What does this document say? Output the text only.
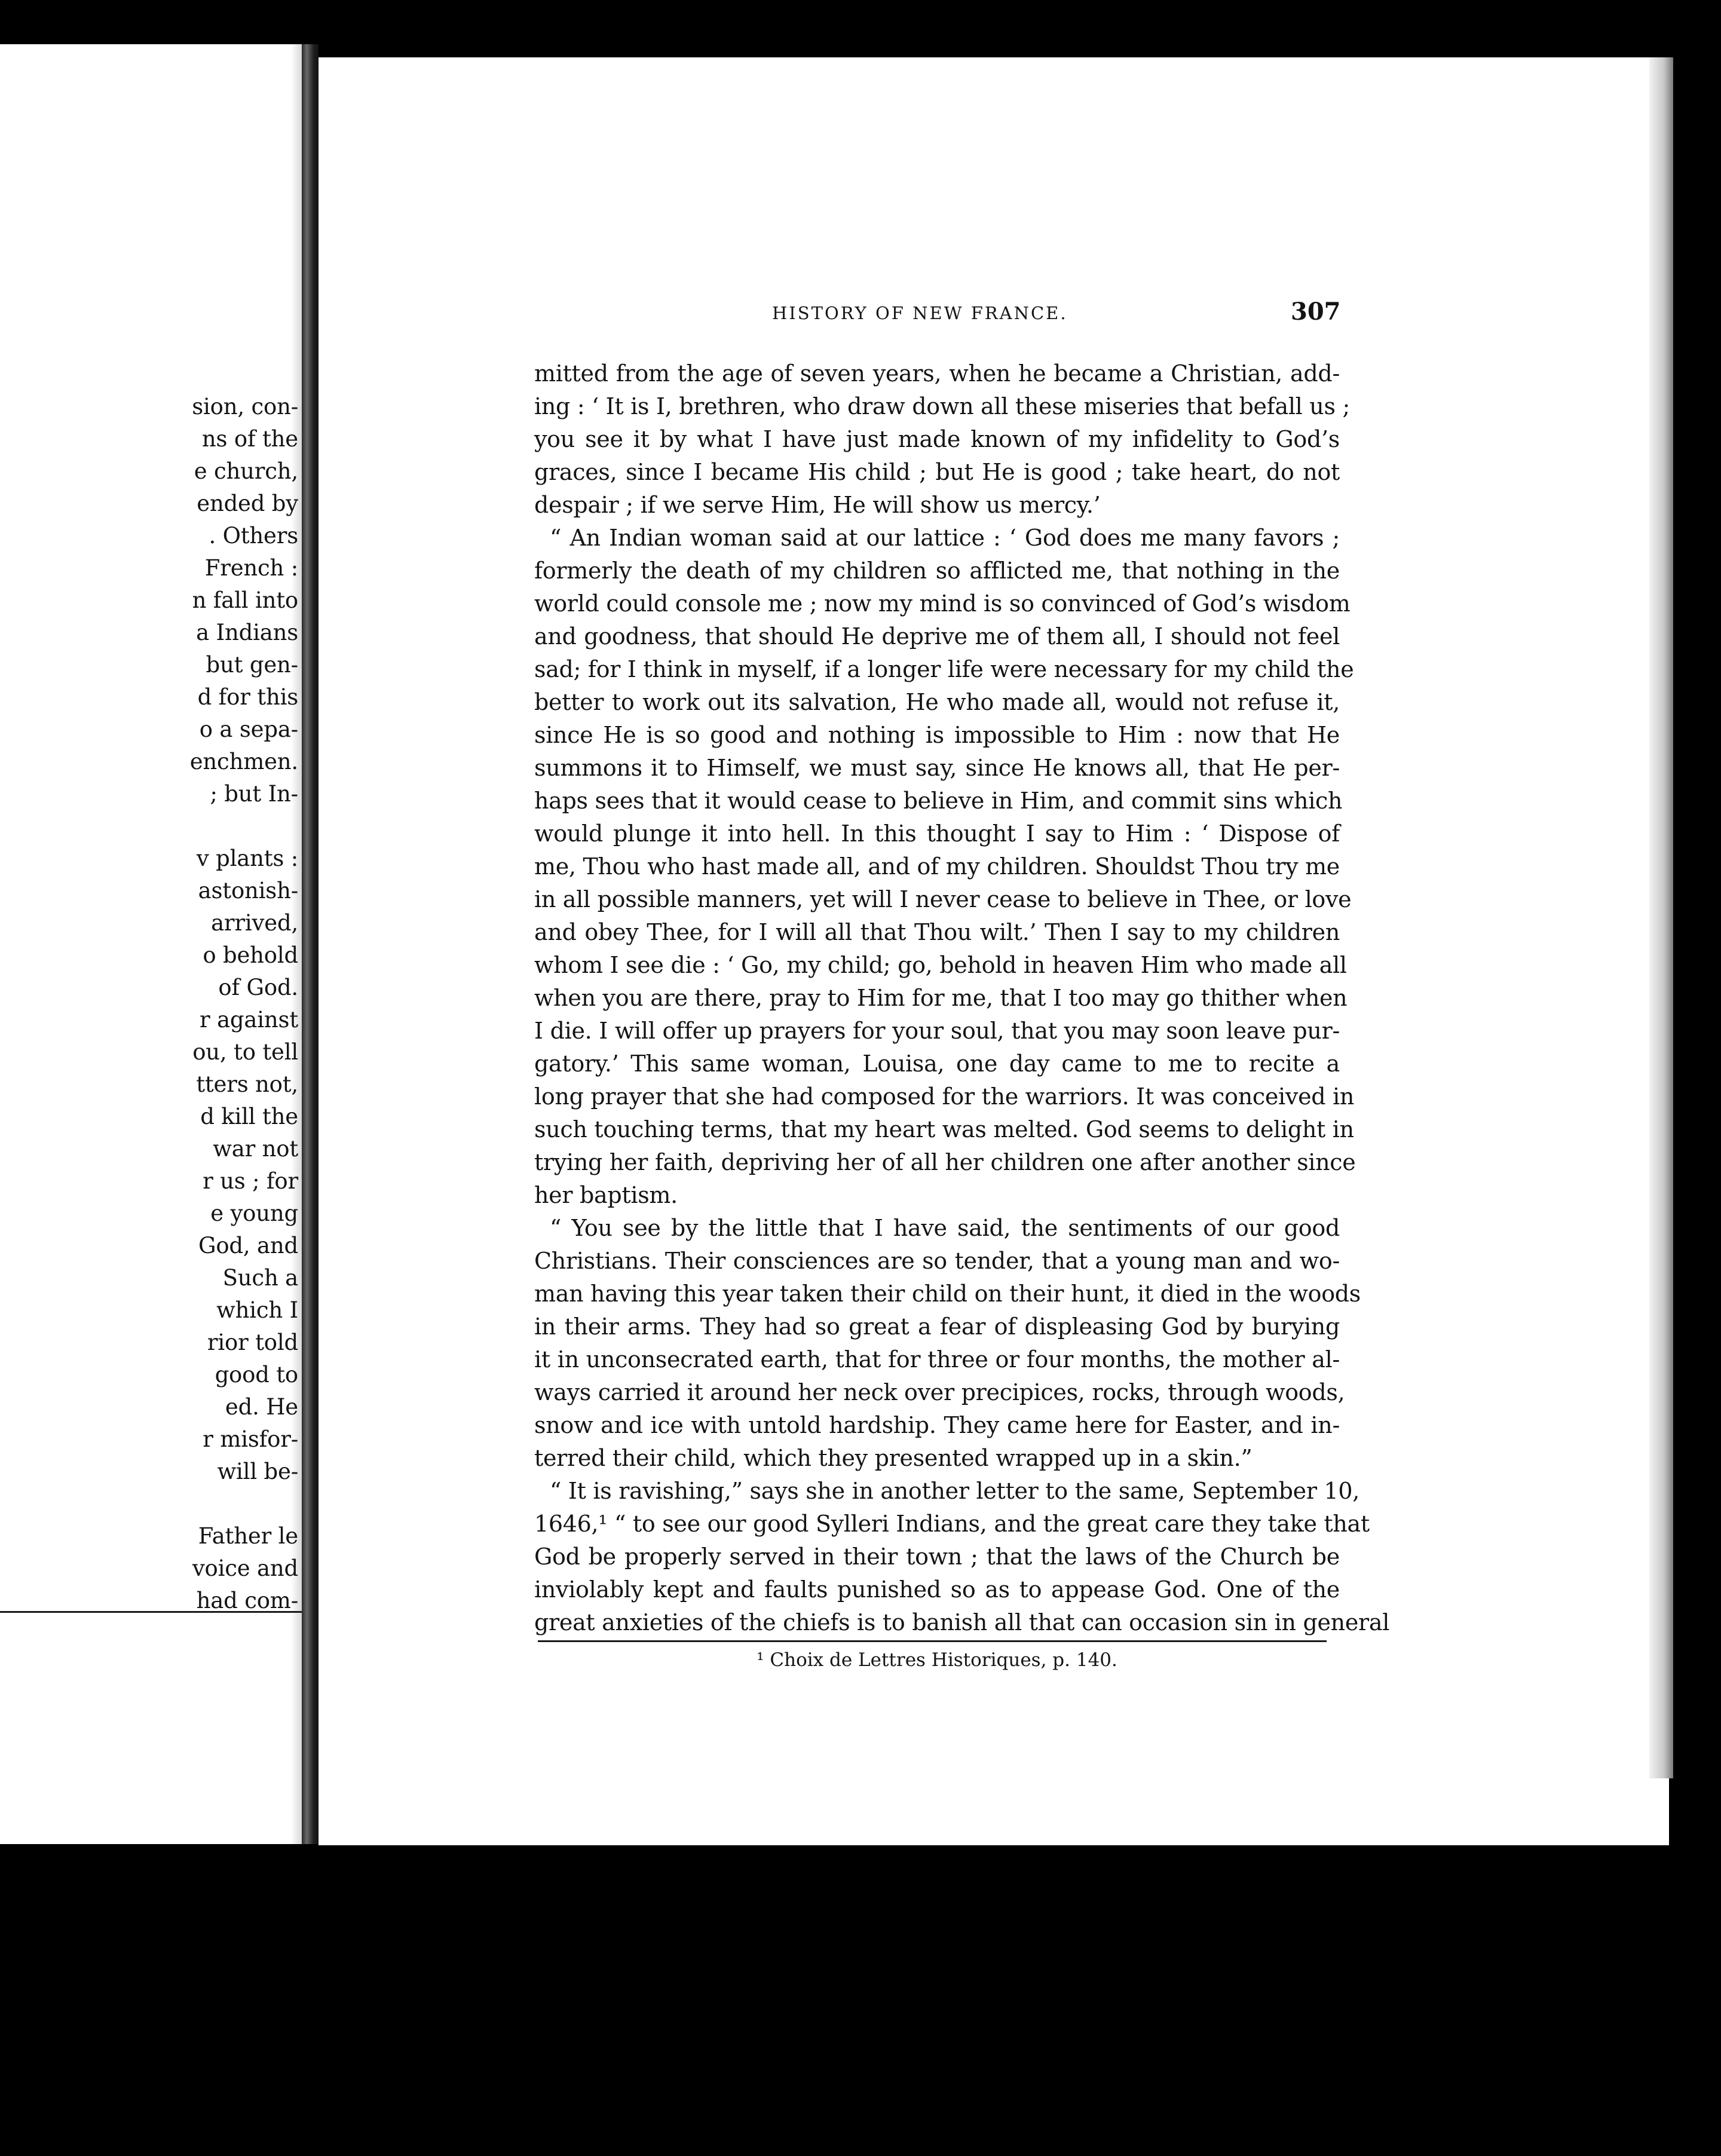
sion, con-
ns of the
e church,
ended by
. Others
French :
n fall into
a Indians
but gen-
d for this
o a sepa-
enchmen.
; but In-
v plants :
astonish-
arrived,
o behold
of God.
r against
ou, to tell
tters not,
d kill the
war not
r us ; for
e young
God, and
Such a
which I
rior told
good to
ed. He
r misfor-
will be-
Father le
voice and
had com-
HISTORY OF NEW FRANCE.	307
mitted from the age of seven years, when he became a Christian, add-
ing : ‘ It is I, brethren, who draw down all these miseries that befall us ;
you see it by what I have just made known of my infidelity to God’s
graces, since I became His child ; but He is good ; take heart, do not
despair ; if we serve Him, He will show us mercy.’
“ An Indian woman said at our lattice : ‘ God does me many favors ;
formerly the death of my children so afflicted me, that nothing in the
world could console me ; now my mind is so convinced of God’s wisdom
and goodness, that should He deprive me of them all, I should not feel
sad; for I think in myself, if a longer life were necessary for my child the
better to work out its salvation, He who made all, would not refuse it,
since He is so good and nothing is impossible to Him : now that He
summons it to Himself, we must say, since He knows all, that He per-
haps sees that it would cease to believe in Him, and commit sins which
would plunge it into hell. In this thought I say to Him : ‘ Dispose of
me, Thou who hast made all, and of my children. Shouldst Thou try me
in all possible manners, yet will I never cease to believe in Thee, or love
and obey Thee, for I will all that Thou wilt.’ Then I say to my children
whom I see die : ‘ Go, my child; go, behold in heaven Him who made all
when you are there, pray to Him for me, that I too may go thither when
I die. I will offer up prayers for your soul, that you may soon leave pur-
gatory.’ This same woman, Louisa, one day came to me to recite a
long prayer that she had composed for the warriors. It was conceived in
such touching terms, that my heart was melted. God seems to delight in
trying her faith, depriving her of all her children one after another since
her baptism.
“ You see by the little that I have said, the sentiments of our good
Christians. Their consciences are so tender, that a young man and wo-
man having this year taken their child on their hunt, it died in the woods
in their arms. They had so great a fear of displeasing God by burying
it in unconsecrated earth, that for three or four months, the mother al-
ways carried it around her neck over precipices, rocks, through woods,
snow and ice with untold hardship. They came here for Easter, and in-
terred their child, which they presented wrapped up in a skin.”
“ It is ravishing,” says she in another letter to the same, September 10,
1646,¹ “ to see our good Sylleri Indians, and the great care they take that
God be properly served in their town ; that the laws of the Church be
inviolably kept and faults punished so as to appease God. One of the
great anxieties of the chiefs is to banish all that can occasion sin in general
¹ Choix de Lettres Historiques, p. 140.
